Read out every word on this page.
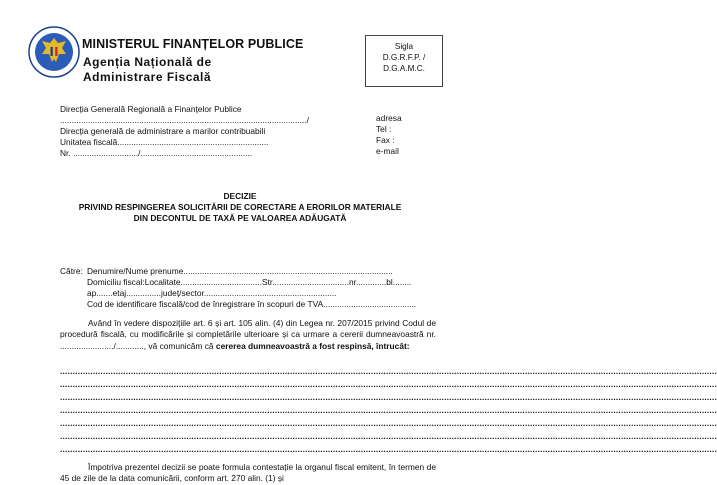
MINISTERUL FINANȚELOR PUBLICE
Agenția Națională de
Administrare Fiscală
Sigla
D.G.R.F.P. /
D.G.A.M.C.
Direcția Generală Regională a Finanțelor Publice
........................................................................................................../
Direcția generală de administrare a marilor contribuabili
Unitatea fiscală.................................................................
Nr. ............................/................................................
adresa
Tel :
Fax :
e-mail
DECIZIE
PRIVIND RESPINGEREA SOLICITĂRII DE CORECTARE A ERORILOR MATERIALE
DIN DECONTUL DE TAXĂ PE VALOAREA ADĂUGATĂ
Către: Denumire/Nume prenume..........................................................................................
Domiciliu fiscal:Localitate...................................Str.................................nr.............bl........
ap.......etaj...............județ/sector.........................................................
Cod de identificare fiscală/cod de înregistrare în scopuri de TVA........................................
Având în vedere dispozițiile art. 6 și art. 105 alin. (4) din Legea nr. 207/2015 privind Codul de procedură fiscală, cu modificările și completările ulterioare și ca urmare a cererii dumneavoastră nr. ......................./............, vă comunicăm că cererea dumneavoastră a fost respinsă, întrucât:
....................................................................................................................................................................................................................................................................
....................................................................................................................................................................................................................................................................
....................................................................................................................................................................................................................................................................
....................................................................................................................................................................................................................................................................
....................................................................................................................................................................................................................................................................
....................................................................................................................................................................................................................................................................
....................................................................................................................................................................................................................................................................
Împotriva prezentei decizii se poate formula contestație la organul fiscal emitent, în termen de 45 de zile de la data comunicării, conform art. 270 alin. (1) și
